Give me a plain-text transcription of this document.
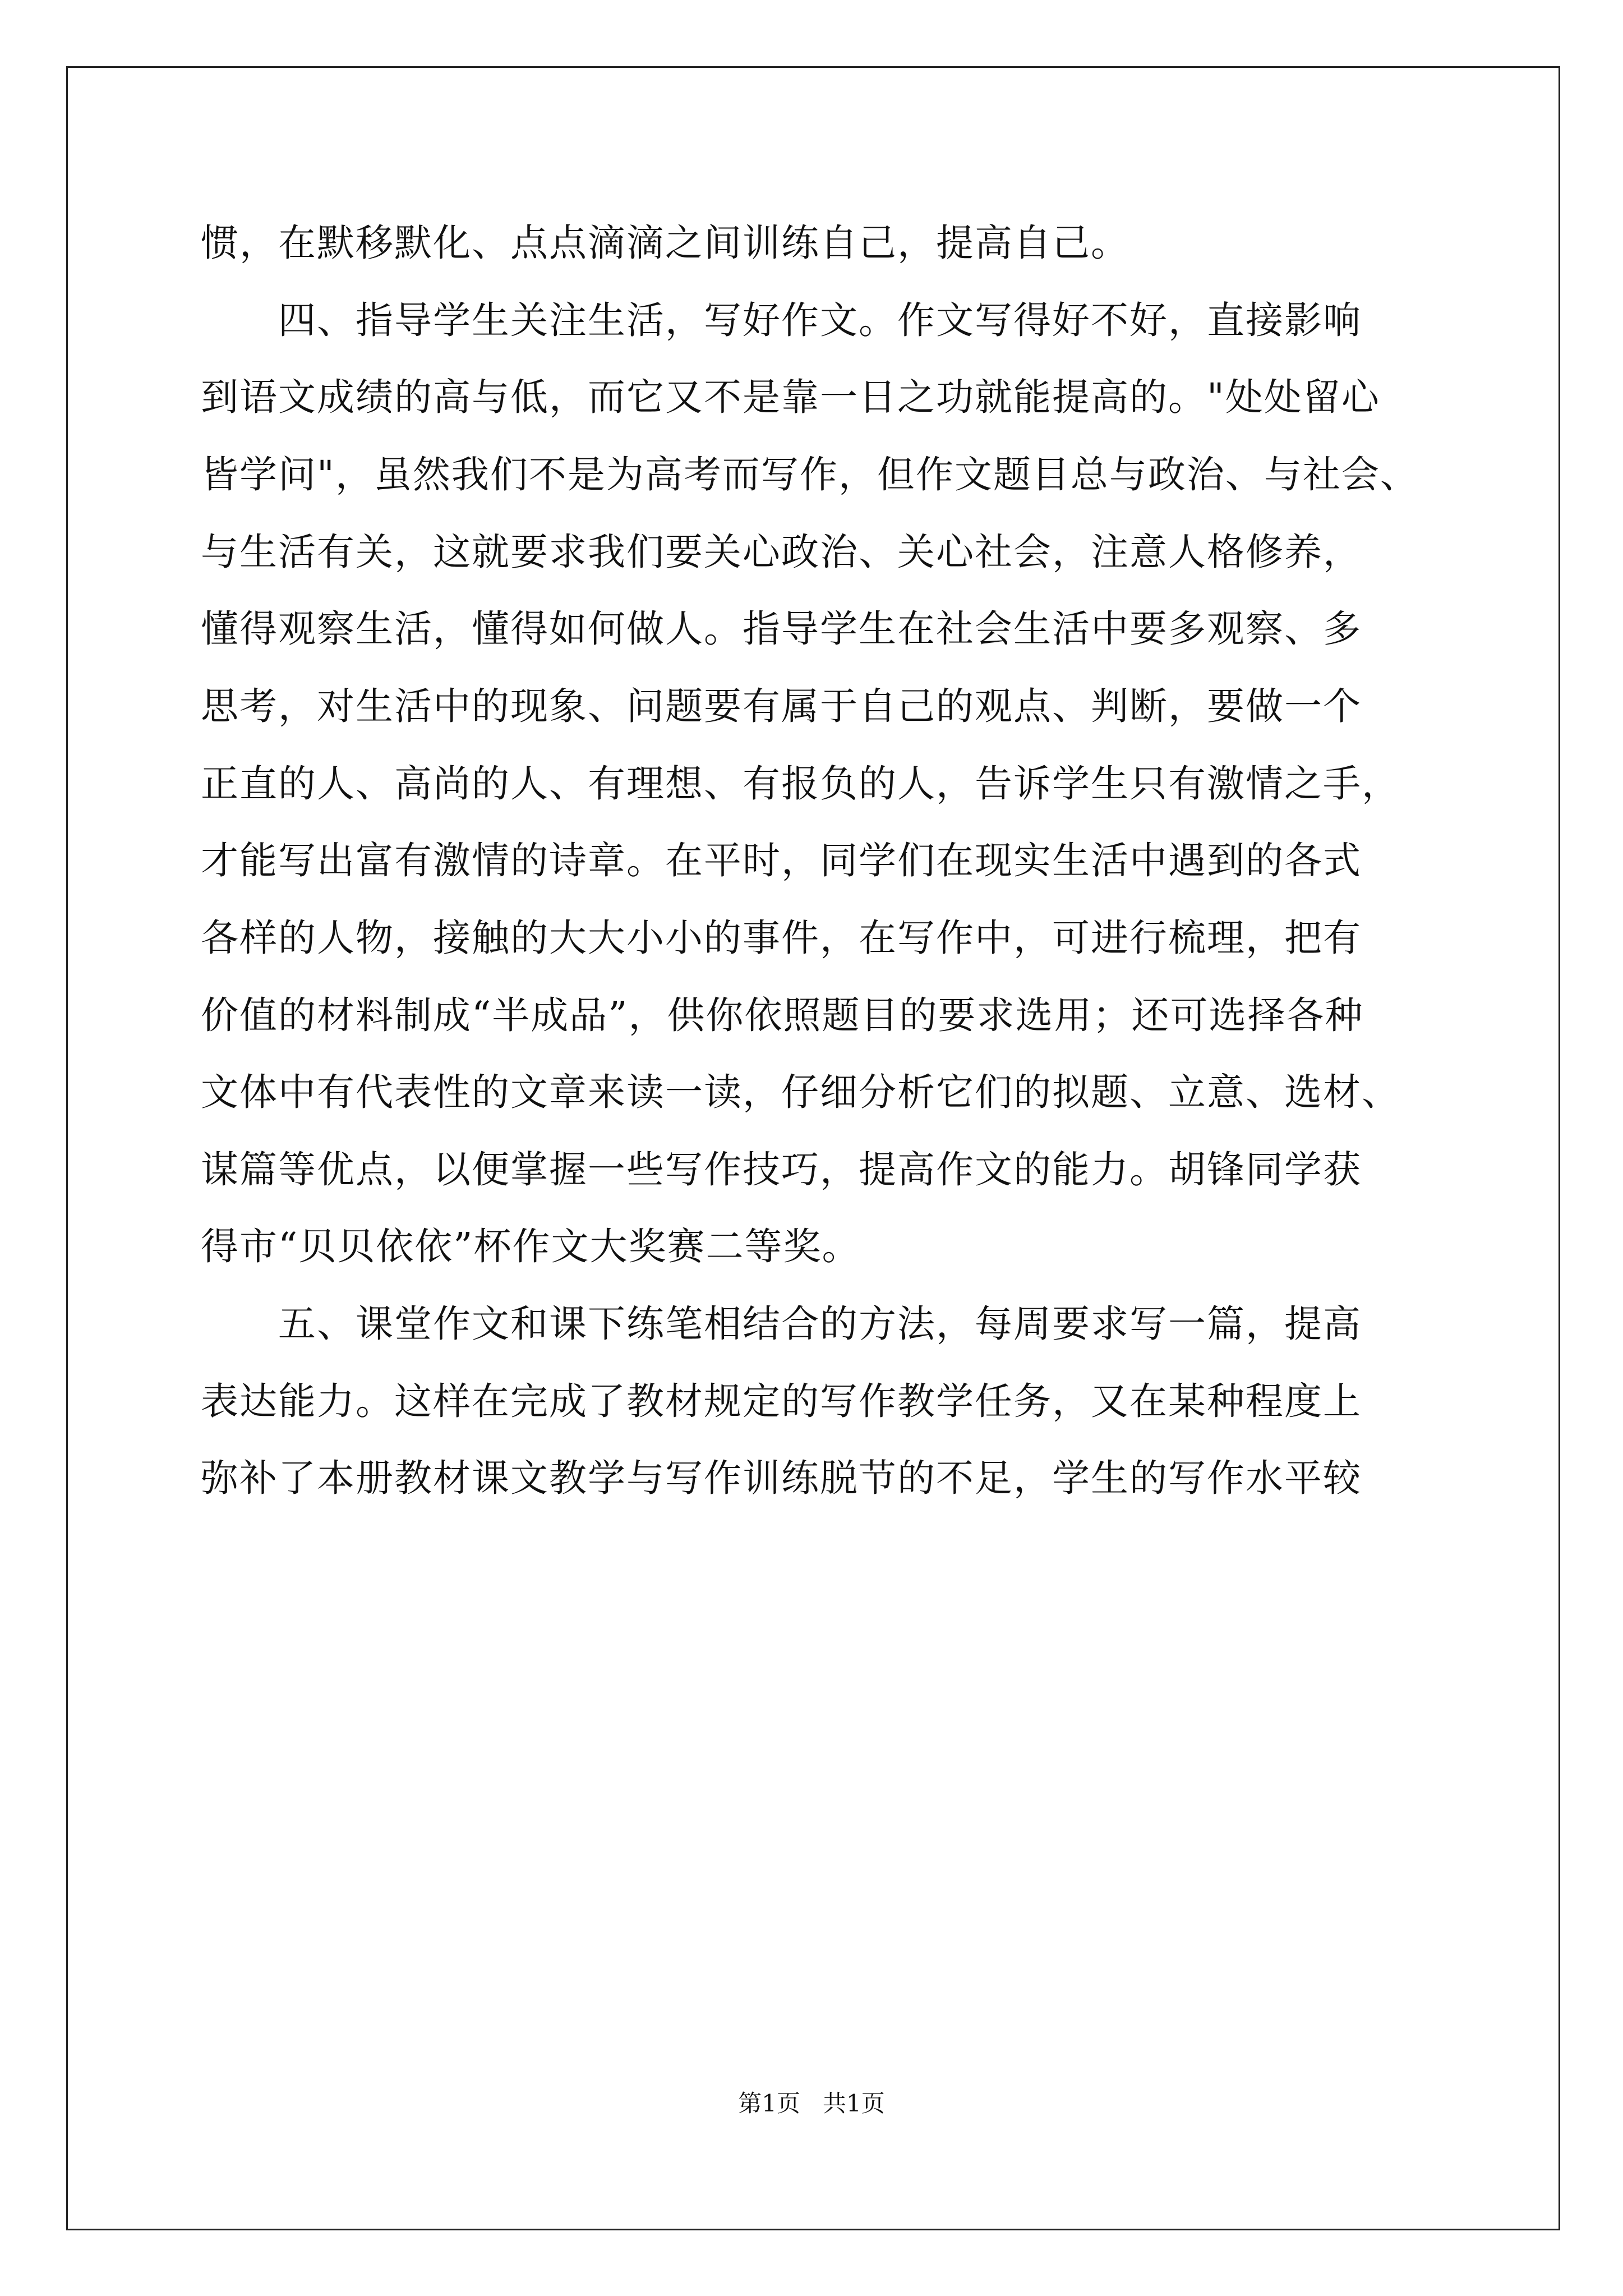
惯，在默移默化、点点滴滴之间训练自己，提高自己。
　　四、指导学生关注生活，写好作文。作文写得好不好，直接影响
到语文成绩的高与低，而它又不是靠一日之功就能提高的。"处处留心
皆学问"，虽然我们不是为高考而写作，但作文题目总与政治、与社会、
与生活有关，这就要求我们要关心政治、关心社会，注意人格修养，
懂得观察生活，懂得如何做人。指导学生在社会生活中要多观察、多
思考，对生活中的现象、问题要有属于自己的观点、判断，要做一个
正直的人、高尚的人、有理想、有报负的人，告诉学生只有激情之手，
才能写出富有激情的诗章。在平时，同学们在现实生活中遇到的各式
各样的人物，接触的大大小小的事件，在写作中，可进行梳理，把有
价值的材料制成“半成品”，供你依照题目的要求选用；还可选择各种
文体中有代表性的文章来读一读，仔细分析它们的拟题、立意、选材、
谋篇等优点，以便掌握一些写作技巧，提高作文的能力。胡锋同学获
得市“贝贝依依”杯作文大奖赛二等奖。
　　五、课堂作文和课下练笔相结合的方法，每周要求写一篇，提高
表达能力。这样在完成了教材规定的写作教学任务，又在某种程度上
弥补了本册教材课文教学与写作训练脱节的不足，学生的写作水平较
第1页   共1页
